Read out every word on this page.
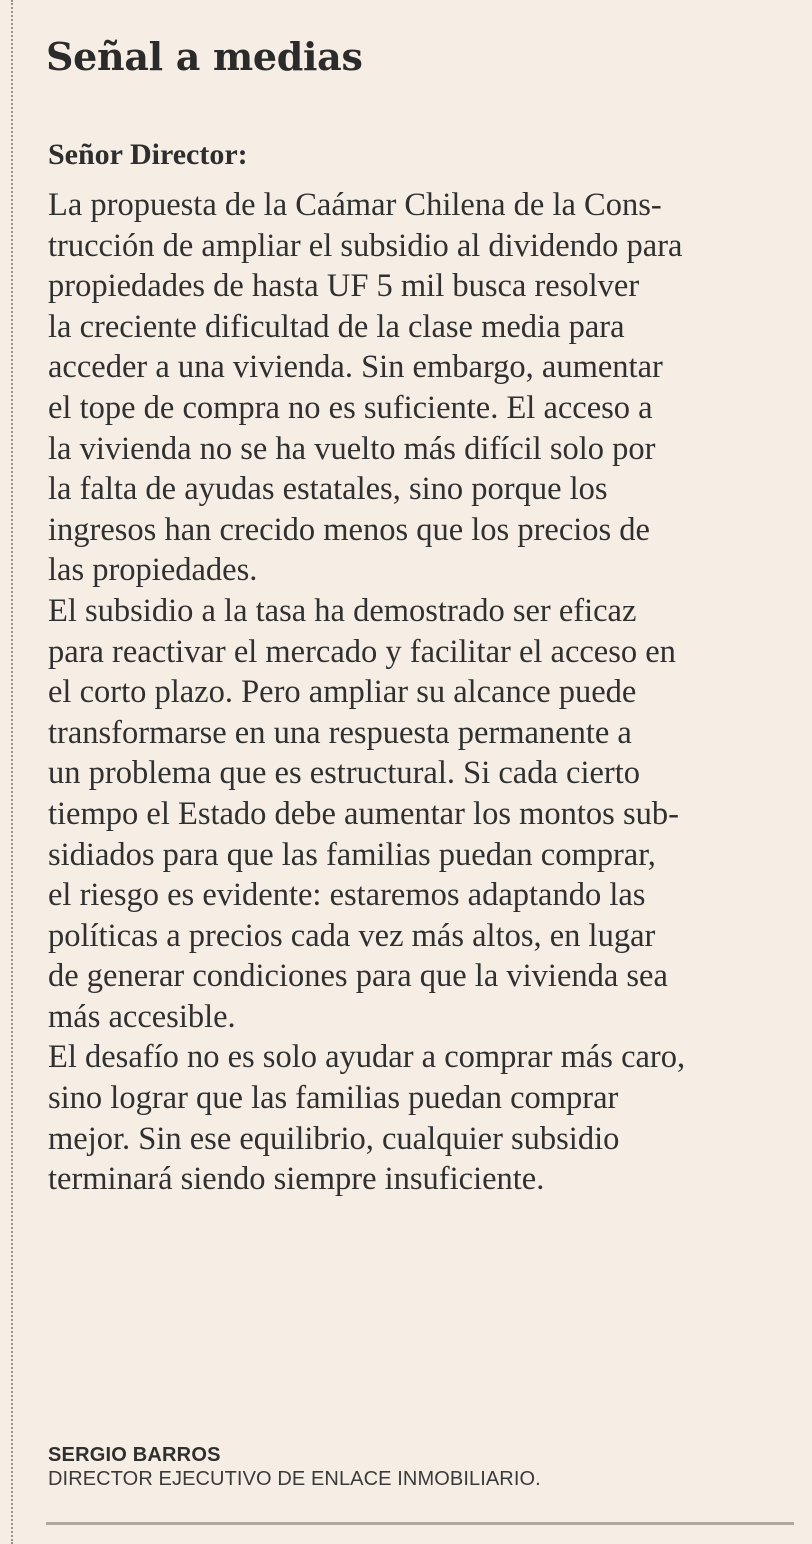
Señal a medias

Señor Director:

La propuesta de la Caámar Chilena de la Cons-
trucción de ampliar el subsidio al dividendo para
propiedades de hasta UF 5 mil busca resolver
la creciente dificultad de la clase media para
acceder a una vivienda. Sin embargo, aumentar
el tope de compra no es suficiente. El acceso a
la vivienda no se ha vuelto más difícil solo por
la falta de ayudas estatales, sino porque los
ingresos han crecido menos que los precios de
las propiedades.
El subsidio a la tasa ha demostrado ser eficaz
para reactivar el mercado y facilitar el acceso en
el corto plazo. Pero ampliar su alcance puede
transformarse en una respuesta permanente a
un problema que es estructural. Si cada cierto
tiempo el Estado debe aumentar los montos sub-
sidiados para que las familias puedan comprar,
el riesgo es evidente: estaremos adaptando las
políticas a precios cada vez más altos, en lugar
de generar condiciones para que la vivienda sea
más accesible.
El desafío no es solo ayudar a comprar más caro,
sino lograr que las familias puedan comprar
mejor. Sin ese equilibrio, cualquier subsidio
terminará siendo siempre insuficiente.

SERGIO BARROS

DIRECTOR EJECUTIVO DE ENLACE INMOBILIARIO.
